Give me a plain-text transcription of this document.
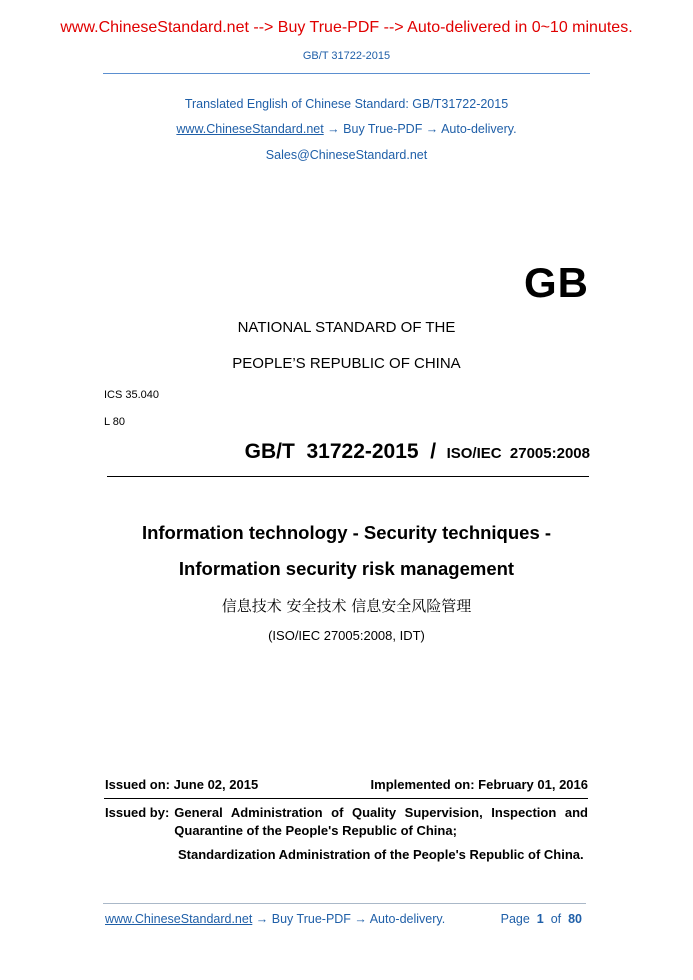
www.ChineseStandard.net --> Buy True-PDF --> Auto-delivered in 0~10 minutes.
GB/T 31722-2015
Translated English of Chinese Standard: GB/T31722-2015
www.ChineseStandard.net → Buy True-PDF → Auto-delivery.
Sales@ChineseStandard.net
GB
NATIONAL STANDARD OF THE
PEOPLE’S REPUBLIC OF CHINA
ICS 35.040
L 80
GB/T  31722-2015  / ISO/IEC  27005:2008
Information technology - Security techniques -
Information security risk management
信息技术 安全技术 信息安全风险管理
(ISO/IEC 27005:2008, IDT)
Issued on: June 02, 2015	Implemented on: February 01, 2016
Issued by: General Administration of Quality Supervision, Inspection and Quarantine of the People's Republic of China;
Standardization Administration of the People's Republic of China.
www.ChineseStandard.net → Buy True-PDF → Auto-delivery.	Page 1 of 80
